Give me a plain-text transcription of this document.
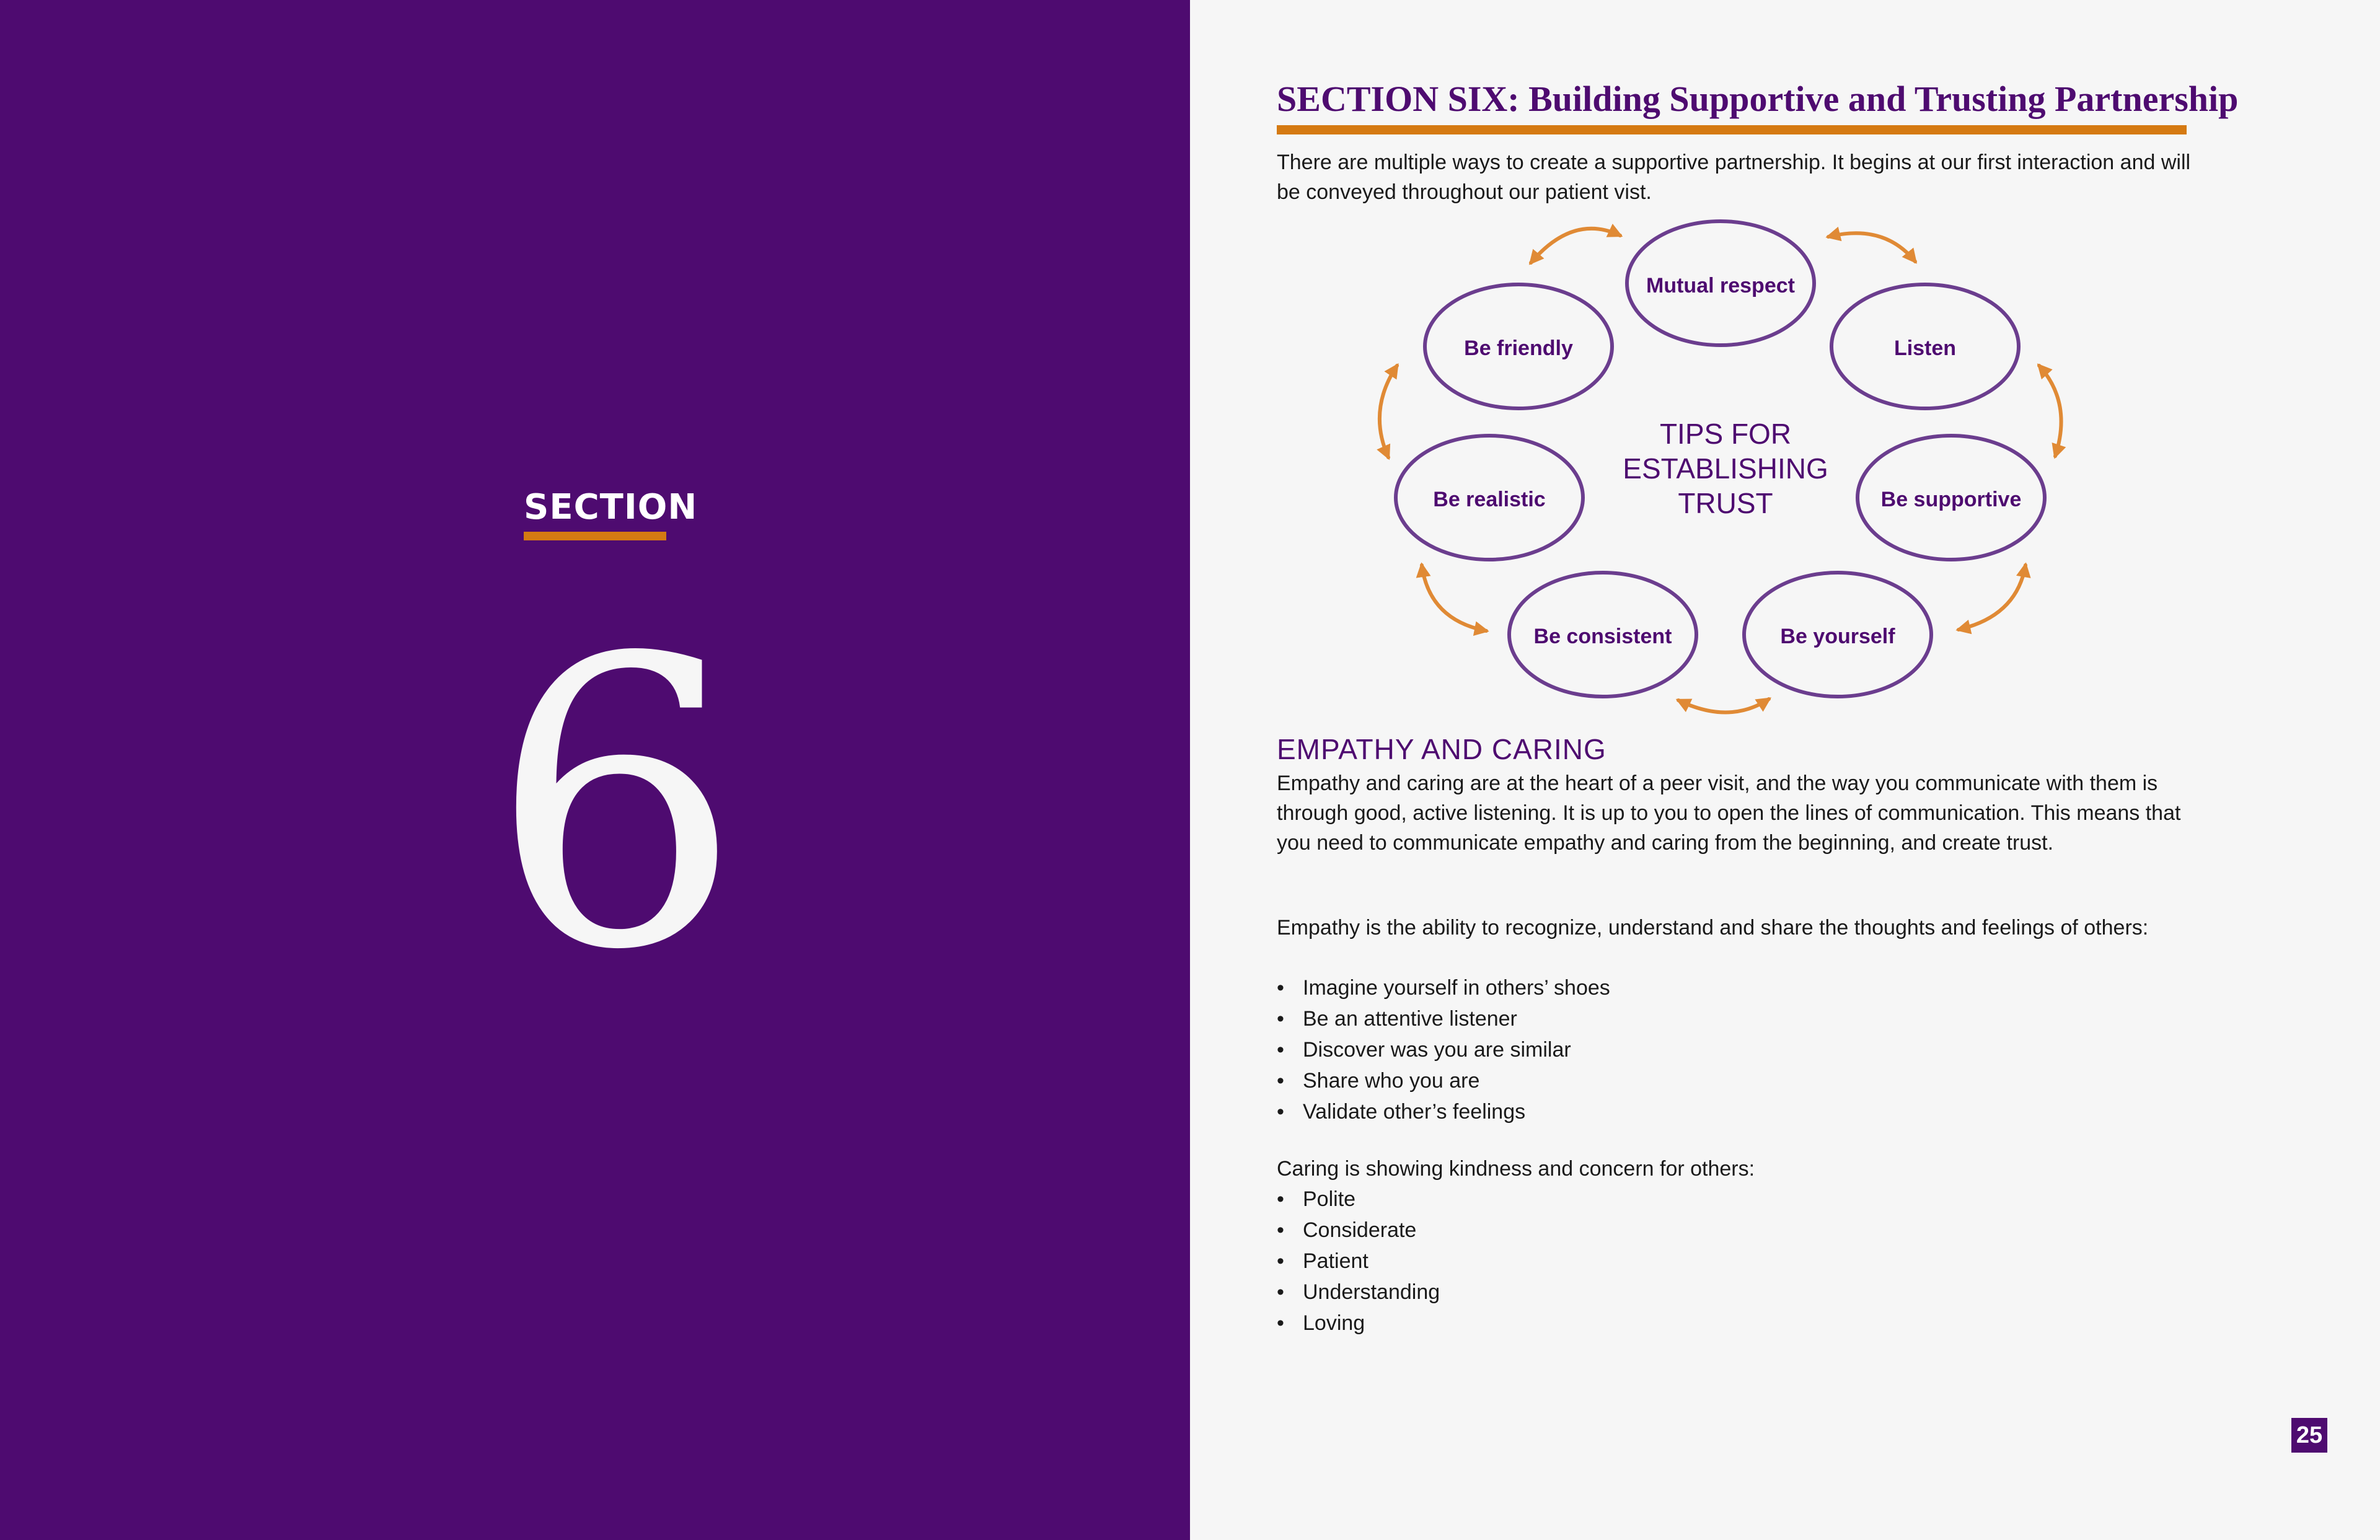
SECTION
6
SECTION SIX: Building Supportive and Trusting Partnership
There are multiple ways to create a supportive partnership. It begins at our first interaction and will be conveyed throughout our patient vist.
Mutual respect
Listen
Be supportive
Be yourself
Be consistent
Be realistic
Be friendly
TIPS FOR
ESTABLISHING
TRUST
EMPATHY AND CARING

Empathy and caring are at the heart of a peer visit, and the way you communicate with them is through good, active listening. It is up to you to open the lines of communication. This means that you need to communicate empathy and caring from the beginning, and create trust.

Empathy is the ability to recognize, understand and share the thoughts and feelings of others:

• Imagine yourself in others’ shoes
• Be an attentive listener
• Discover was you are similar
• Share who you are
• Validate other’s feelings

Caring is showing kindness and concern for others:

• Polite
• Considerate
• Patient
• Understanding
• Loving
25
